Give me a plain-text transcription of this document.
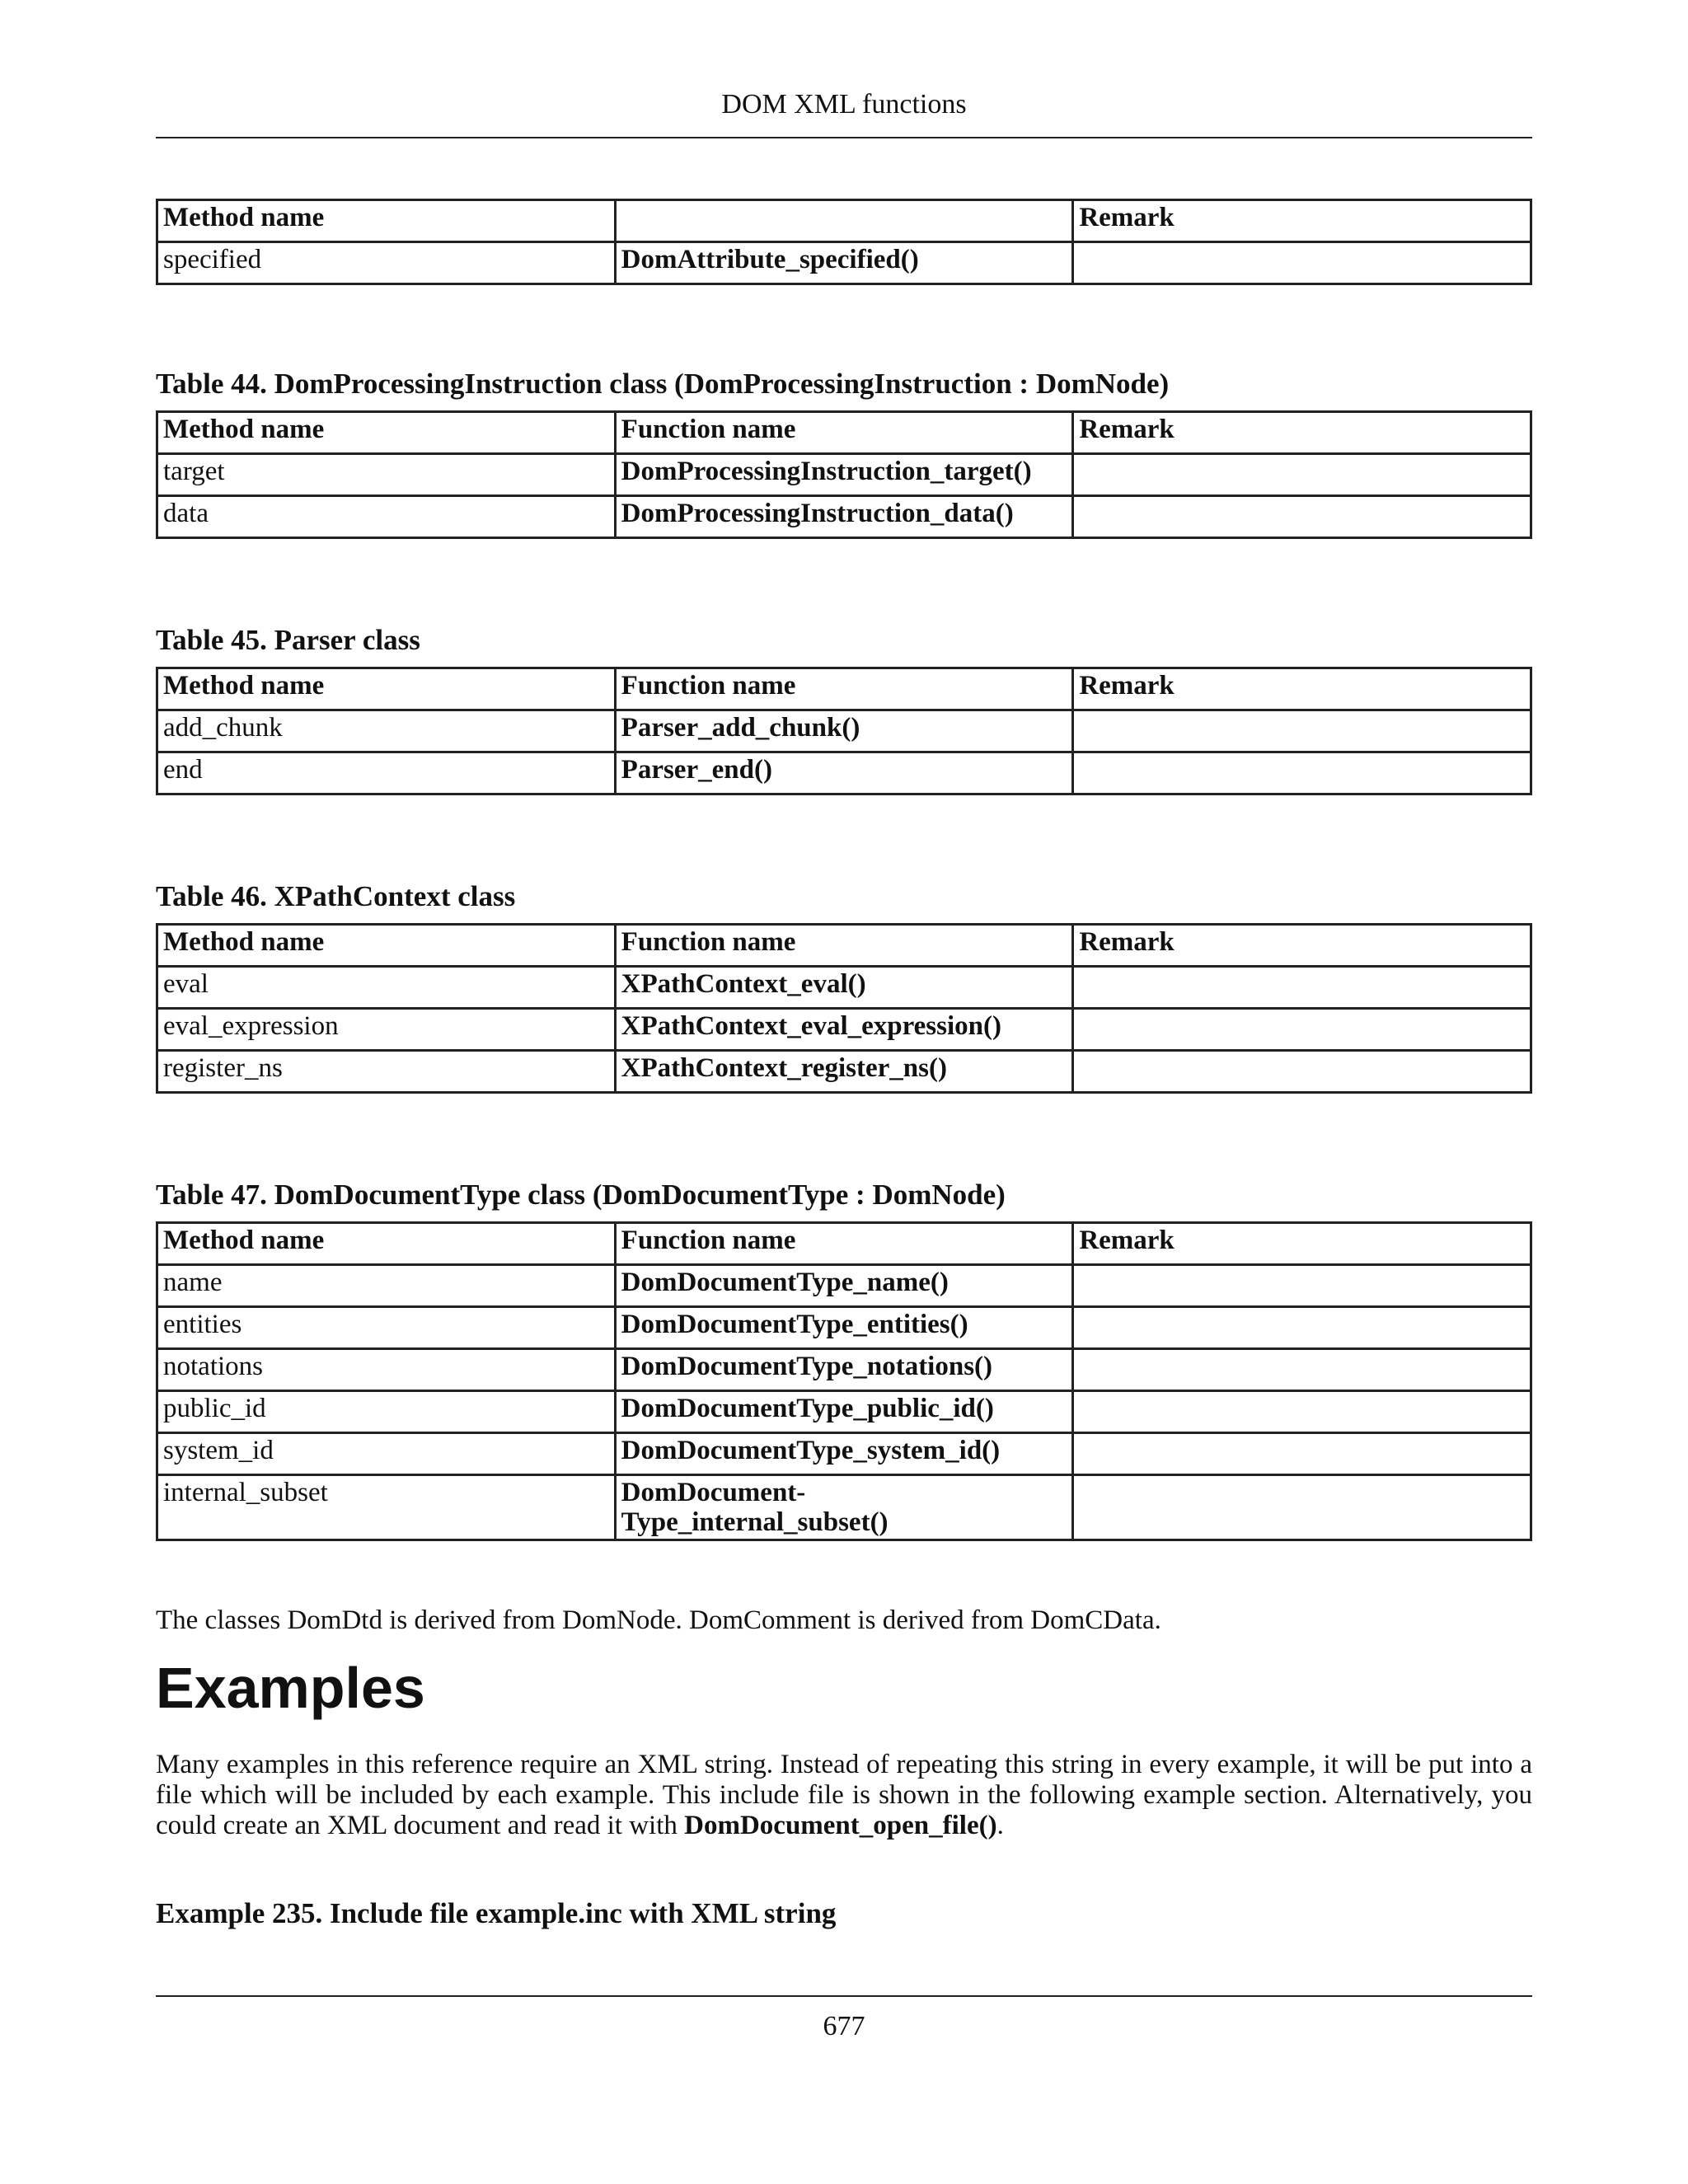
DOM XML functions
Method name		Remark
specified	DomAttribute_specified()	
Table 44. DomProcessingInstruction class (DomProcessingInstruction : DomNode)
Method name	Function name	Remark
target	DomProcessingInstruction_target()	
data	DomProcessingInstruction_data()	
Table 45. Parser class
Method name	Function name	Remark
add_chunk	Parser_add_chunk()	
end	Parser_end()	
Table 46. XPathContext class
Method name	Function name	Remark
eval	XPathContext_eval()	
eval_expression	XPathContext_eval_expression()	
register_ns	XPathContext_register_ns()	
Table 47. DomDocumentType class (DomDocumentType : DomNode)
Method name	Function name	Remark
name	DomDocumentType_name()	
entities	DomDocumentType_entities()	
notations	DomDocumentType_notations()	
public_id	DomDocumentType_public_id()	
system_id	DomDocumentType_system_id()	
internal_subset	DomDocument-
Type_internal_subset()	
The classes DomDtd is derived from DomNode. DomComment is derived from DomCData.
Examples
Many examples in this reference require an XML string. Instead of repeating this string in every example, it will be put into a file which will be included by each example. This include file is shown in the following example section. Alternatively, you could create an XML document and read it with DomDocument_open_file().
Example 235. Include file example.inc with XML string
677
